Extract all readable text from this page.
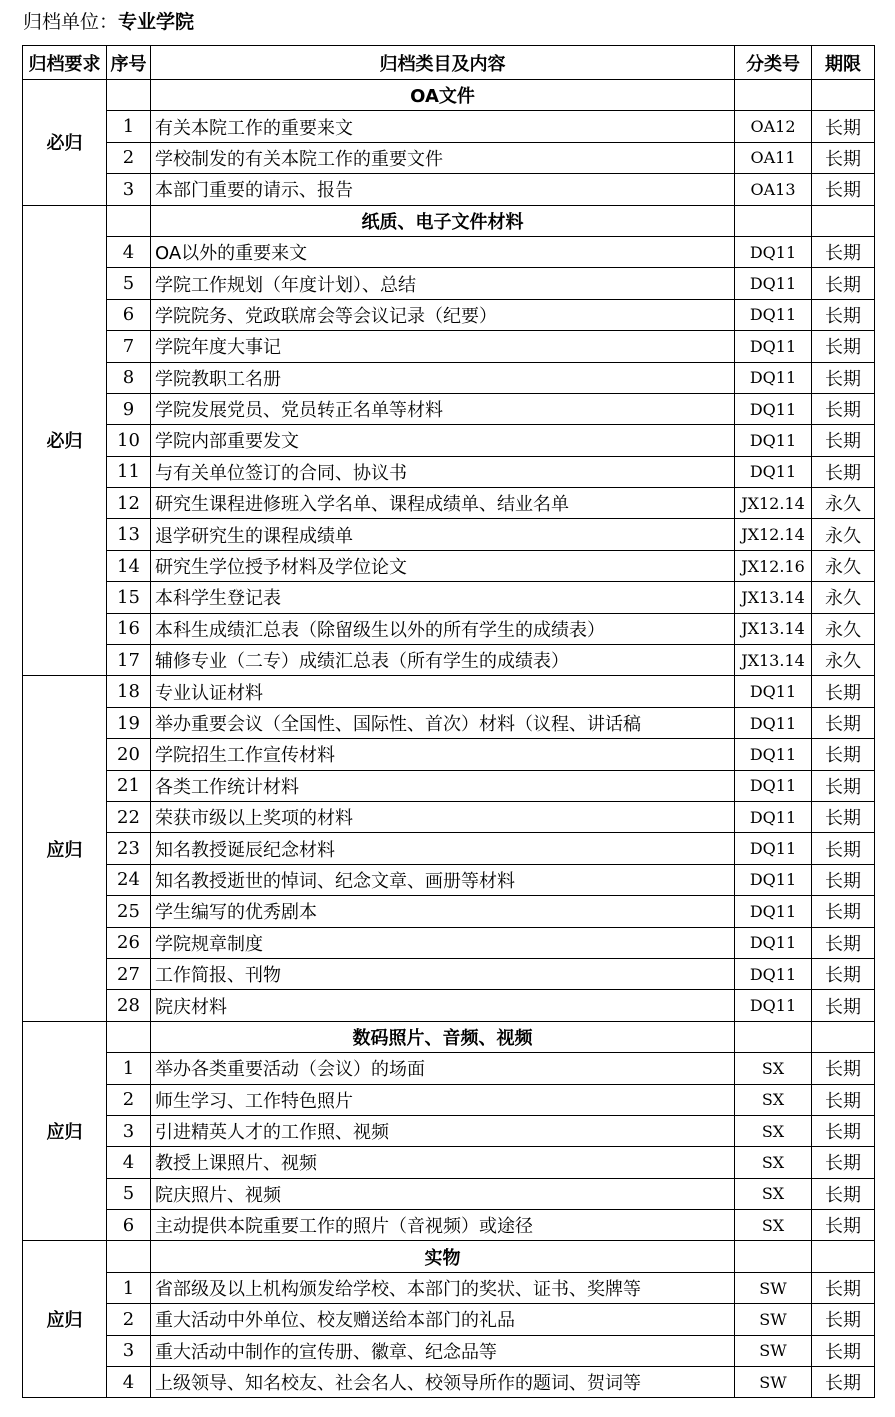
归档单位：专业学院
归档要求	序号	归档类目及内容	分类号	期限
必归		OA文件		
	1	有关本院工作的重要来文	OA12	长期
	2	学校制发的有关本院工作的重要文件	OA11	长期
	3	本部门重要的请示、报告	OA13	长期
必归		纸质、电子文件材料		
	4	OA以外的重要来文	DQ11	长期
	5	学院工作规划（年度计划）、总结	DQ11	长期
	6	学院院务、党政联席会等会议记录（纪要）	DQ11	长期
	7	学院年度大事记	DQ11	长期
	8	学院教职工名册	DQ11	长期
	9	学院发展党员、党员转正名单等材料	DQ11	长期
	10	学院内部重要发文	DQ11	长期
	11	与有关单位签订的合同、协议书	DQ11	长期
	12	研究生课程进修班入学名单、课程成绩单、结业名单	JX12.14	永久
	13	退学研究生的课程成绩单	JX12.14	永久
	14	研究生学位授予材料及学位论文	JX12.16	永久
	15	本科学生登记表	JX13.14	永久
	16	本科生成绩汇总表（除留级生以外的所有学生的成绩表）	JX13.14	永久
	17	辅修专业（二专）成绩汇总表（所有学生的成绩表）	JX13.14	永久
应归	18	专业认证材料	DQ11	长期
	19	举办重要会议（全国性、国际性、首次）材料（议程、讲话稿	DQ11	长期
	20	学院招生工作宣传材料	DQ11	长期
	21	各类工作统计材料	DQ11	长期
	22	荣获市级以上奖项的材料	DQ11	长期
	23	知名教授诞辰纪念材料	DQ11	长期
	24	知名教授逝世的悼词、纪念文章、画册等材料	DQ11	长期
	25	学生编写的优秀剧本	DQ11	长期
	26	学院规章制度	DQ11	长期
	27	工作简报、刊物	DQ11	长期
	28	院庆材料	DQ11	长期
应归		数码照片、音频、视频		
	1	举办各类重要活动（会议）的场面	SX	长期
	2	师生学习、工作特色照片	SX	长期
	3	引进精英人才的工作照、视频	SX	长期
	4	教授上课照片、视频	SX	长期
	5	院庆照片、视频	SX	长期
	6	主动提供本院重要工作的照片（音视频）或途径	SX	长期
应归		实物		
	1	省部级及以上机构颁发给学校、本部门的奖状、证书、奖牌等	SW	长期
	2	重大活动中外单位、校友赠送给本部门的礼品	SW	长期
	3	重大活动中制作的宣传册、徽章、纪念品等	SW	长期
	4	上级领导、知名校友、社会名人、校领导所作的题词、贺词等	SW	长期
